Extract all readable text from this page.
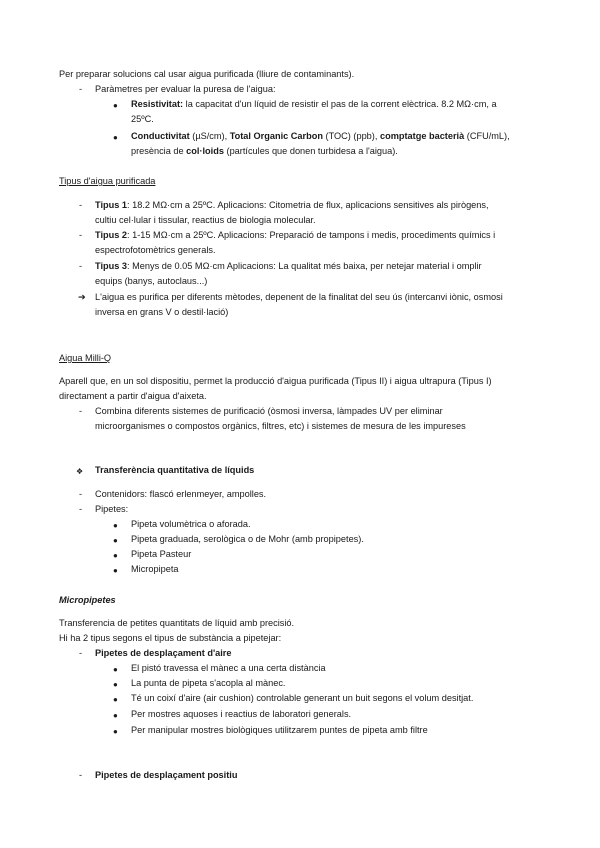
Per preparar solucions cal usar aigua purificada (lliure de contaminants).
- Paràmetres per evaluar la puresa de l'aigua:
● Resistivitat: la capacitat d'un líquid de resistir el pas de la corrent elèctrica. 8.2 MΩ·cm, a
25ºC.
● Conductivitat (µS/cm), Total Organic Carbon (TOC) (ppb), comptatge bacterià (CFU/mL),
presència de col·loids (partícules que donen turbidesa a l'aigua).
Tipus d'aigua purificada
- Tipus 1: 18.2 MΩ·cm a 25ºC. Aplicacions: Citometria de flux, aplicacions sensitives als pirògens,
cultiu cel·lular i tissular, reactius de biologia molecular.
- Tipus 2: 1-15 MΩ·cm a 25ºC. Aplicacions: Preparació de tampons i medis, procediments químics i
espectrofotomètrics generals.
- Tipus 3: Menys de 0.05 MΩ·cm Aplicacions: La qualitat més baixa, per netejar material i omplir
equips (banys, autoclaus...)
➔ L'aigua es purifica per diferents mètodes, depenent de la finalitat del seu ús (intercanvi iònic, osmosi
inversa en grans V o destil·lació)
Aigua Milli-Q
Aparell que, en un sol dispositiu, permet la producció d'aigua purificada (Tipus II) i aigua ultrapura (Tipus I)
directament a partir d'aigua d'aixeta.
- Combina diferents sistemes de purificació (òsmosi inversa, làmpades UV per eliminar
microorganismes o compostos orgànics, filtres, etc) i sistemes de mesura de les impureses
❖ Transferència quantitativa de líquids
- Contenidors: flascó erlenmeyer, ampolles.
- Pipetes:
● Pipeta volumètrica o aforada.
● Pipeta graduada, serològica o de Mohr (amb propipetes).
● Pipeta Pasteur
● Micropipeta
Micropipetes
Transferencia de petites quantitats de líquid amb precisió.
Hi ha 2 tipus segons el tipus de substància a pipetejar:
- Pipetes de desplaçament d'aire
● El pistó travessa el mànec a una certa distància
● La punta de pipeta s'acopla al mànec.
● Té un coixí d'aire (air cushion) controlable generant un buit segons el volum desitjat.
● Per mostres aquoses i reactius de laboratori generals.
● Per manipular mostres biològiques utilitzarem puntes de pipeta amb filtre
- Pipetes de desplaçament positiu
